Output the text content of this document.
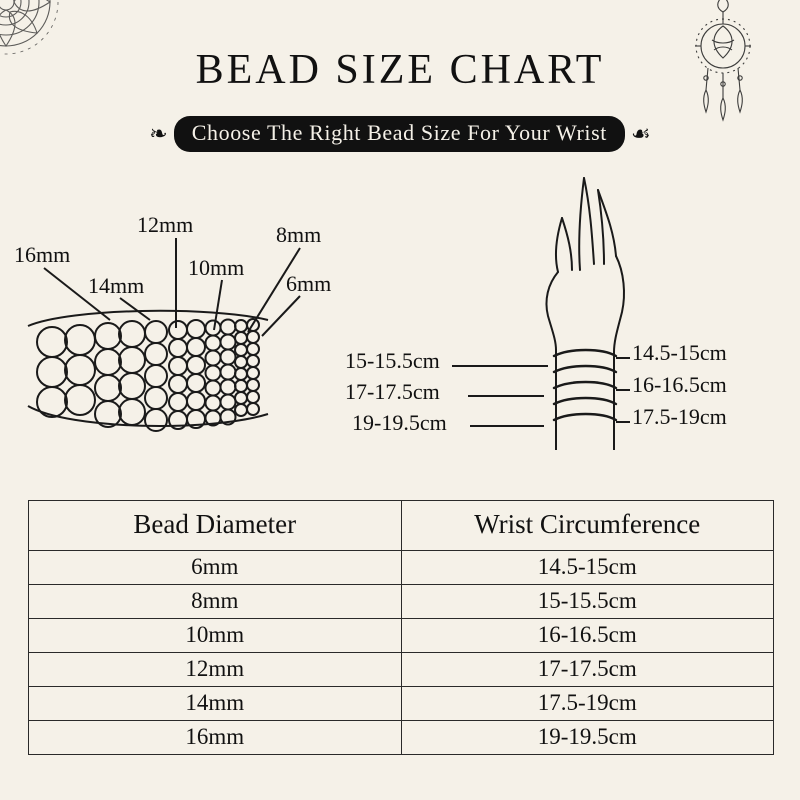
BEAD SIZE CHART
❧	Choose The Right Bead Size For Your Wrist	☙
16mm
14mm
12mm
10mm
8mm
6mm
15-15.5cm
17-17.5cm
19-19.5cm
14.5-15cm
16-16.5cm
17.5-19cm
Bead Diameter	Wrist Circumference
6mm	14.5-15cm
8mm	15-15.5cm
10mm	16-16.5cm
12mm	17-17.5cm
14mm	17.5-19cm
16mm	19-19.5cm
